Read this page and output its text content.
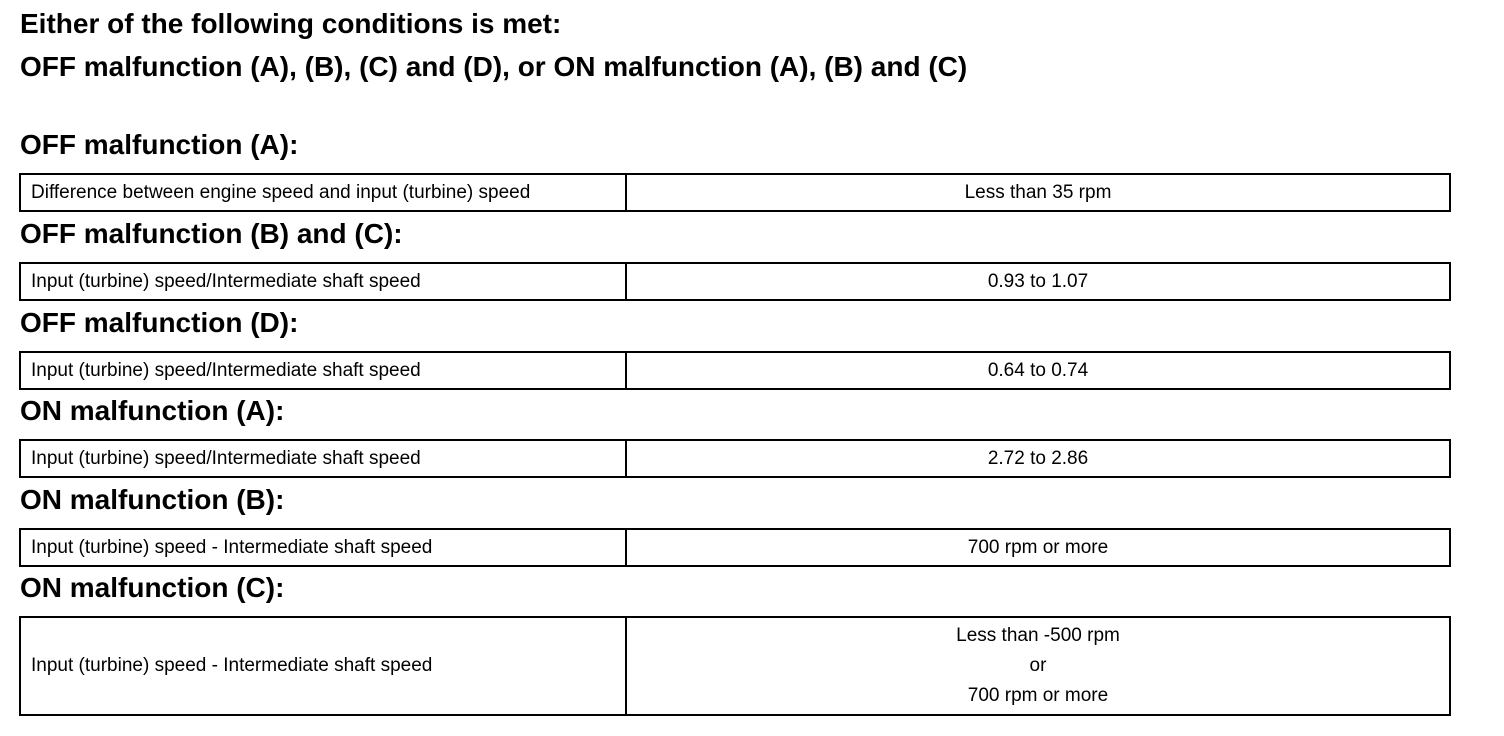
Either of the following conditions is met:
OFF malfunction (A), (B), (C) and (D), or ON malfunction (A), (B) and (C)
OFF malfunction (A):
Difference between engine speed and input (turbine) speed	Less than 35 rpm
OFF malfunction (B) and (C):
Input (turbine) speed/Intermediate shaft speed	0.93 to 1.07
OFF malfunction (D):
Input (turbine) speed/Intermediate shaft speed	0.64 to 0.74
ON malfunction (A):
Input (turbine) speed/Intermediate shaft speed	2.72 to 2.86
ON malfunction (B):
Input (turbine) speed - Intermediate shaft speed	700 rpm or more
ON malfunction (C):
Input (turbine) speed - Intermediate shaft speed	
Less than -500 rpm
or
700 rpm or more
